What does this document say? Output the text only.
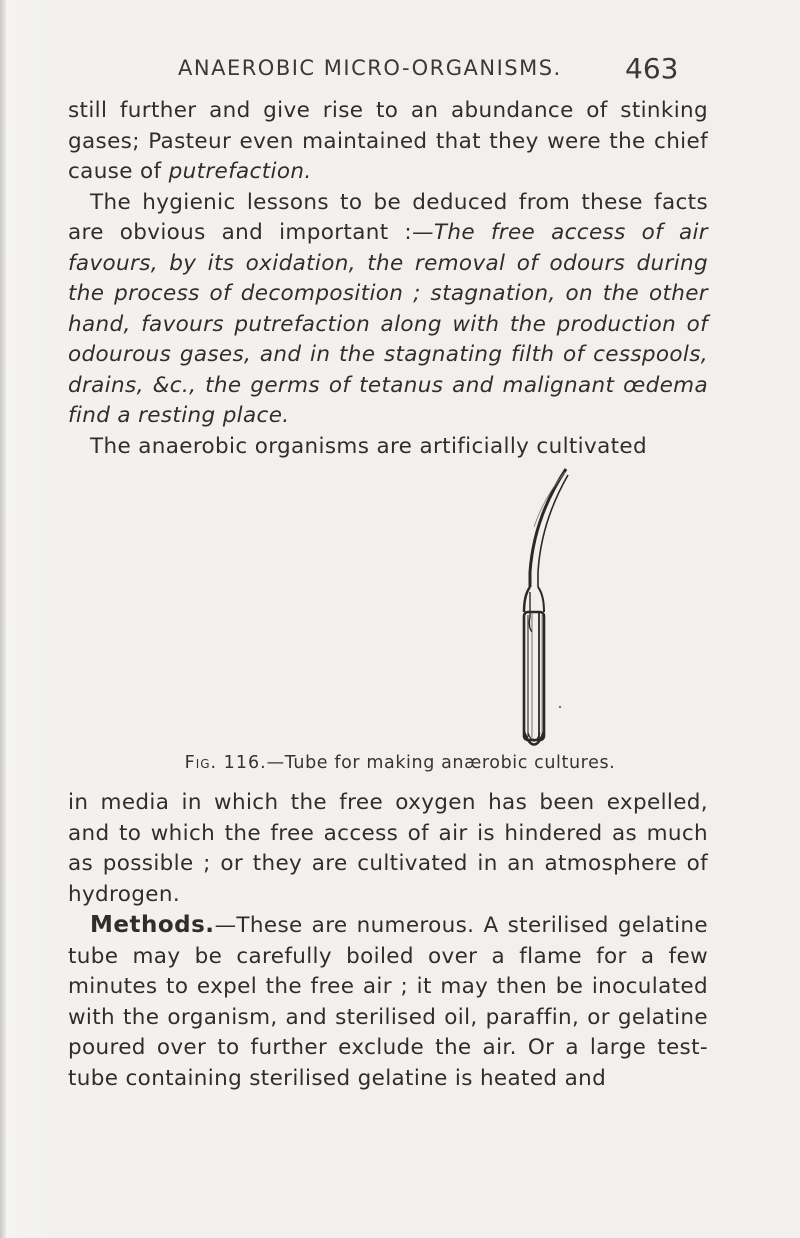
ANAEROBIC MICRO-ORGANISMS. 463

still further and give rise to an abundance of stinking gases; Pasteur even maintained that they were the chief cause of putrefaction.

The hygienic lessons to be deduced from these facts are obvious and important :—The free access of air favours, by its oxidation, the removal of odours during the process of decomposition ; stagnation, on the other hand, favours putrefaction along with the production of odourous gases, and in the stagnating filth of cesspools, drains, &c., the germs of tetanus and malignant œdema find a resting place.

The anaerobic organisms are artificially cultivated

Fig. 116.—Tube for making anærobic cultures.

in media in which the free oxygen has been expelled, and to which the free access of air is hindered as much as possible ; or they are cultivated in an atmosphere of hydrogen.

Methods.—These are numerous. A sterilised gelatine tube may be carefully boiled over a flame for a few minutes to expel the free air ; it may then be inoculated with the organism, and sterilised oil, paraffin, or gelatine poured over to further exclude the air. Or a large test-tube containing sterilised gelatine is heated and
